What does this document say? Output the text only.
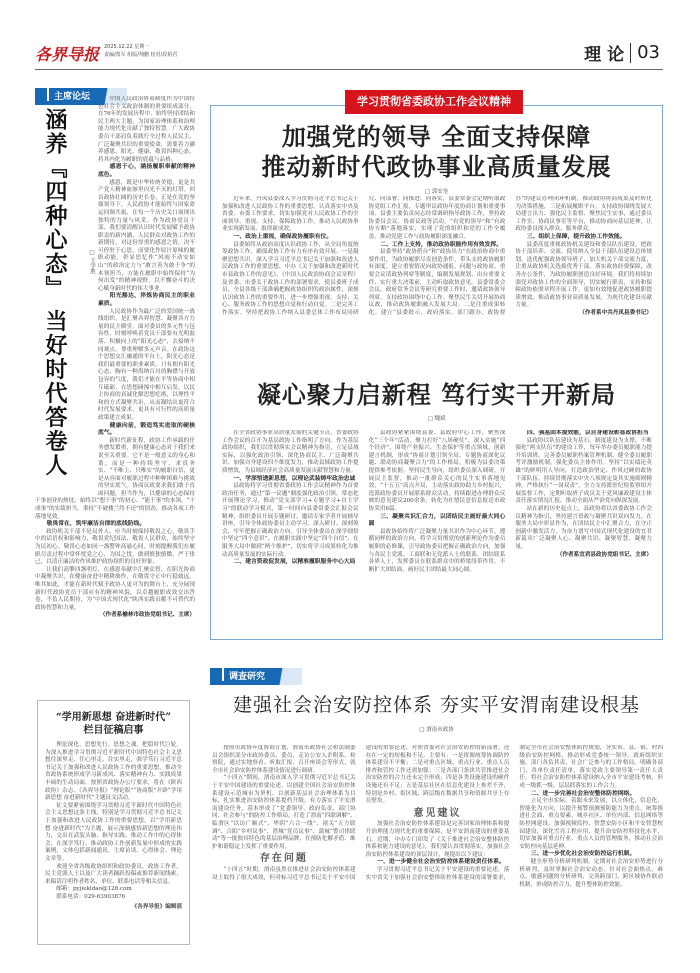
各界导报 2025.12.22 星期一
责编/贾军 组版/翔鹏 校对/段裕君	理 论 03
主席论坛
涵养『四种心态』 当好时代答卷人	□ 王学胜

中国人民政治协商制度作为中国特色社会主义政治体制的重要组成部分，在76年的发展历程中，始终坚持团结和民主两大主题，为国家治理体系和治理能力现代化贡献了独特智慧。广大政协委员干部肩负着践行全过程人民民主、广泛凝聚共识的重要使命，需要着力涵养感恩、阳光、健康、敬畏四种心态，将其内化为履职的底蕴与品格。

感恩于心，涵扬履职奉献的精神底色。

感恩，既是中华传统美德，更是共产党人精神血脉里闪光不灭的灯塔。回首政协壮阔的历史长卷，正是在党的坚强领导下，人民政协才能始终与国家命运同频共振，在每一个历史关口展现出独特的力量与风采。作为政协党员干部，我们要清醒认识时代发展赋予政协职责的新内涵，人民群众对政协工作的新期待，对这份厚重的感恩之情，决不可停驻于心思，而要化作原汁原味的履职动能，彰显思忆作“风雨不动安如山”的政治定力与“敢言善为敢于争”的本领担当，方能在履职中始终保持“为何出发”的精神视野，以不懈奋斗的决心赋身新时代的伟大事业。

阳光豁达，淬炼协商民主的职业素质。

人民政协作为最广泛的爱国统一战线组织，是汇聚各界智慧、凝聚各方力量的民主殿堂。面对委员的多元性与包容性，时刻呼唤着党员干部要有光明磊落、积极向上的“阳光心态”，去接纳不同观点，尊重理解多元声音。在政协这个思想交汇融通的平台上，阳光心态是我们最重要的职业素质。只有拥有阳光心态，胸有一种海纳百川的胸襟与开放包容的气度，我们才能在平等协商中相互砥砺，在思想碰撞中相互启发，以民主协商的真诚化解思想疙瘩，以理性平和的方式凝聚共识，从而凝结出更符合时代发展要求、更具有可行性的高质量政策建言成果。

健康向前，锻造笃实进取的硬核底气。

新时代新征程，政协工作承载的任务愈发繁重，拥有健康心态对于我们来说至关重要。它不是一般意义的身心和谐，而是一种持续坚守、求真务实、“不唯上、只唯实”的履职自信，更是从容面对履职过程中种种困难与挑战的坚实底气。协商议政要求我们敢于直面问题，担当作为，以健康的心态保持干事创业的热忱，始终以“想干事”的初心、“能干事”的本领、“干成事”的实绩担当，秉持“不破楼兰终不还”的韧劲，推动各项工作落地见效。

敬畏常在，筑牢廉洁自律的底线防线。

政协机关干部不是局外人，应当时刻保持敬畏之心，敬畏手中的话语权和影响力，敬畏党纪国法，敬畏人民群众，始终坚守为民初心。敬畏心态如同一盏警钟高悬心间，时刻提醒我们在履职尽责过程中常怀忧党之心、为国之忧，做到慎独慎微、严于律己，以清正廉洁的作风维护政协组织的良好形象。

让我们高擎四盏明灯，在感恩奉献中汇聚众智，在阳光协商中凝聚共识，在健康奋进中精耕细作，在敬畏守正中行稳致远。唯其如此，才能在新时代赋予政协人更可为的舞台上，充分展现新时代政协党员干部应有的精神风貌，以卓越履职成效交出答卷，不负人民期待，为“中国式现代化”陕西实践贡献不可替代的政协智慧和力量。

（作者系榆林市政协党组书记、主席）

“学用新思想 奋进新时代”
栏目征稿启事

理论深化，思想先行。思想之魂，把稳时代巨轮。为深入推进学习贯彻习近平新时代中国特色社会主义思想往深里走、往心里走、往实里走，强学笃行习近平总书记关于加强和改进人民政协工作的重要思想，推动全省政协系统形成学习新成风、落实精神有力、实践成果丰硕的生动局面，按照省政协办公厅要求，将在《陕西政协》杂志、《各界导报》“理论版”“协商版”开辟“学用新思想 奋进新时代”主题征文活动。

征文要紧密围绕学习贯彻习近平新时代中国特色社会主义思想这条主线，特别是学习贯彻习近平总书记关于加强和改进人民政协工作的重要思想，以“学用新思想 奋进新时代”为主题，展示深刻感悟新思想的理论伟力，交出在武装头脑、指导实践、推动工作中的心得体会，在深学笃行、推动政协工作创新发展中形成的实践案例，文体包括新闻通讯、主席访谈、心得体会、理论文章等。

欢迎全省各级政协组织和政协委员、政协工作者、民主党派人士以及广大读者踊跃投稿或推荐新闻线索，来稿请注明作者姓名、单位、联系电话等相关信息。

邮箱：pyjiekldao@126.com
联系电话：029-63903876
《各界导报》编辑部
学习贯彻省委政协工作会议精神
加强党的领导 全面支持保障
推动新时代政协事业高质量发展
□ 郭安奎

近年来，丹凤县委深入学习贯彻习近平总书记关于加强和改进人民政协工作的重要思想，认真落实中央及省委、市委工作要求，切实加强党对人民政协工作的全面领导，重视、支持、保障政协工作，推动人民政协事业实现新发展、取得新成效。

一、政治上重视，确保政协履职有位。

县委始终从政治高度认识政协工作，从全局角度统筹政协工作，确保政协工作有力有序有效开展。一是凝聚思想共识。深入学习习近平总书记关于加强和改进人民政协工作的重要思想，中办《关于加强和改进新时代市县政协工作的意见》、《中国人民政治协商会议章程》及省委、市委关于政协工作的部署要求，使县委班子成员、全县各级干部准确把握政协组织的政治属性，深刻认识政协工作的重要作用，进一步增强重视、支持、关心、服务政协工作的思想自觉和行动自觉。二是完善工作落实。坚持把政协工作纳入县委总体工作布局同研究、同部署、同推进、同落实，县委常委会定期听取政协党组工作汇报，专题审议政协年度协商计划和重要事项。县委主要负责同志经常调研指导政协工作，坚持政协委员会议、协商议政等活动，“有党的领导”和“有政协方略”落地落实，实现了党的组织和党的工作全覆盖，推动党建工作与政协履职深度融合。

二、工作上支持，推动政协职能作用有效发挥。

县委坚持“政协搭台”和“政协出力”在政治协商中重要作用，为政协履职尽责创造条件，带头支持政协履职有深度。建立重要情况向政协通报、问题与政协商、重要会议请政协列席等制度，编制发展规划、出台重要文件、实行重大决策前，主动听取政协意见。县委常委会会议、政府常务会议等研究重要工作时，邀请政协领导列席，支持政协围绕中心工作、聚焦民生关切开展协商议政，推动政协履职融入发展大局。二是注重成果转化。建立“县委批示、政府落实、部门跟办、政协督办”的建议办理闭环机制，推动政协协商成果及时转化为决策措施。三是拓展履职平台，支持政协围绕发展大局建言出力、强化民主监督、聚焦民生实事，通过委员工作室、协商议事室等平台，推动协商向基层延伸，让政协委员深入群众、服务群众。

三、组织上保障，提升政协工作效能。

县委高度重视政协机关建设和委员队伍建设，把政协干部培养、交流、使用纳入全县干部队伍建设总体规划，选优配强政协领导班子，加大机关干部交流力度，注重从政协机关选拔优秀干部。落实政协经费保障，改善办公条件，为政协履职创造良好环境。我们将持续加强党对政协工作的全面领导，切实履行职责，支持和保障政协依照章程开展工作，更加有效地促进政协履职提质增效，推动政协事业高质量发展，为现代化建设贡献力量。

（作者系中共丹凤县委书记）

凝心聚力启新程 笃行实干开新局
□ 魏斌

在全省政协事业高质量发展的关键节点，省委政协工作会议的召开为基层政协工作指明了方向。作为基层政协组织，我们以贯彻落实会议精神为指引，立足县域实际，以强化政治引领、深化协商民主、广泛凝聚共识、加强自身建设四个维度发力，推动县域政协工作提质增效，为县域经济社会高质量发展贡献智慧和力量。

一、学深悟透新思想，以理论武装铸牢政治忠诚

县政协将学习贯彻省委政协工作会议精神作为首要政治任务，通过“第一议题”制度强化政治引领，常态化开展理论学习，推动“党支部学习+专题学习+自主学习”的联动学习模式，第一时间向县委常委会汇报会议精神，组织委员开展专题研讨，邀请专家学者开展辅导讲座，引导全体政协委员主动学习、深入研讨、深刻领会，牢牢把握正确政治方向，引导全体委员在深学细悟中坚定“四个意识”、在履职实践中坚定“四个自信”、在服务大局中做到“两个维护”，切实将学习成果转化为推动高质量发展的实际行动。

二、建言资政促发展，以精准履职服务中心大局

县政协紧紧围绕县委、县政府中心工作，聚焦深化“三个年”活动，聚力打好“八场硬仗”，深入实施“四个经济”，围绕产业振兴、生态保护等重点领域，创新建言机制，形成“协商计划引领全局、专题协商深化议题、联动协商凝聚合力”的工作格局，积极为县委决策提供参考依据。坚持民生导向，组织委员深入调研，开展民主监督，推动一批群众关心的民生实事落地见效，“十五五”高点开局，主动落实政协助力乡村振兴，选派政协委员开展联系群众活动，持续跟进办理群众反映的意见建议200余条，转化为社情民意信息报送市政协采用6篇。

三、凝聚共识汇合力，以团结民主画好最大同心圆

县政协始终将广泛凝聚力量共识作为中心环节，遵循同样的政治方向，将学习贯彻党的创新理论作为委员履职的必修课，引导政协委员把握正确政治方向，加强与各民主党派、工商联和无党派人士的联系，团结联系各界人士，发挥委员在联系群众中的桥梁纽带作用，不断扩大团结面，画好民主团结最大同心圆。

四、强基固本提效能，以自身建设彰显政协担当

县政协以队伍建设为基石，制度建设为支撑，不断强化“两支队伍”的建设工作，每年举办委员履职能力提升培训班，完善委员履职档案管理机制，健全委员履职考评激励机制，强化委员主体作用。坚持“以实绩论英雄”的鲜明用人导向，打造政治坚定、作风过硬的政协干部队伍。持续贯彻落实中央八项规定及其实施细则精神，严格执行“一岗双责”，全力支持派驻纪检监察组开展监督工作，定期听取班子成员关于党风廉政建设主体责任落实情况汇报，推动全面从严治党向纵深发展。

站在新的历史起点上，县政协将以省委政协工作会议精神为指引，坚持建言资政与凝聚共识双向发力，在服务大局中彰显作为，在团结民主中汇聚合力，在守正创新中激发活力，为奋力谱写中国式现代化建设的宜君新篇章广泛凝聚人心、凝聚共识、凝聚智慧、凝聚力量。

（作者系宜君县政协党组书记、主席）

调查研究
建强社会治安防控体系 夯实平安渭南建设根基
□ 渭南市政协

按照市政协年度协商计划，渭南市政协社会和法制委员会组织部分市政协委员、委员，走访公安入企附系、检察院，通过实地察看、听取汇报、召开座谈会等形式，就全市社会治安防控体系建设情况进行调研。

“十四五”期间，渭南市深入学习贯彻习近平总书记关于平安中国建设的重要论述，以创建全国社会治安防控体系建设示范城市为契机，以创新基层社会治理体系为目标，扎实推进治安防控体系提档升级，有力落实了平安渭南建设任务，基本形成了“党委领导、政府负责、部门协同、社会参与”的防控工作格局，打造了渭南“四联调解”、临渭区“以访广顺式”、华阴“六合一线”、潼关“五方联调”、合阳“乡村议事”、澄城“党员议事”、蒲城“警司律联动”等一批独具特色的基层治理品牌，在预防化解矛盾、维护和谐稳定上发挥了重要作用。

存在问题

“十四五”时期，渭南虽然在推进社会治安防控体系建设上取得了很大成效，但对标习近平总书记关于平安中国建设的重要论述，对照省委对社会治安防控的新部署，还存在一定的短板和不足。主要有：一是资源统筹协调防控体系建设不平衡；二是对重点区域、重点行业、重点人员排查和管控工作还需加强；三是各部门条块共管推进社会治安防控的合力还未完全形成；四是各类设施建设的硬件设施还有不足；五是基层社区在信息化建设上参差不齐，特别是乡村、街区域、跨层级在数据共享和资源共享上存在壁垒。

意见建议

加强社会治安防控体系建设是完善国家治理体系和提升治理能力现代化的重要保障，是平安渭南建设的重要基石。近期，中办专门印发了《关于推进社会治安整体防控体系和能力建设的意见》，我们要认真贯彻落实，加强社会治安防控体系建设的顶层设计，现提出以下建议：

一、进一步健全社会治安防控体系建设责任体系。

学习贯彻习近平总书记关于平安建设的重要论述，落实中省关于加强社会治安整体防控体系建设的部署要求，制定全市社会治安整体防控规划，夯实市、县、镇、村四级治安防控网格，推动形成党委统一领导、政府组织实施、部门各负其责、社会广泛参与的工作格局。明确各部门、各单位责任清单，落实党政主要领导第一责任人责任，将社会治安防控体系建设纳入全市平安建设考核，形成一级抓一级、层层抓落实的工作合力。

二、进一步完善社会治安整体防控网络。

立足全市实际，着眼未来发展，以立体化、信息化、智能化为方向，以提升预警预测预防能力为重点，统筹推进社会面、重点要素、城乡社区、单位内部、信息网络等防控网建设，加强视频监控、智慧安防小区和平安智慧校园建设，深化雪亮工程应用，提升治安防控科技化水平，切实加强对重点行业、重点人员的管理服务，推动社会治安防控向基层延伸。

三、进一步优化社会治安防控运行机制。

健全形势分析研判机制，定期对社会治安形势进行分析研判，及时掌握社会治安动态，针对社会面热点、难点、敏感问题的分析研判，完善跨部门、跨区域协作联动机制，形成防控合力，提升整体防控效能。
